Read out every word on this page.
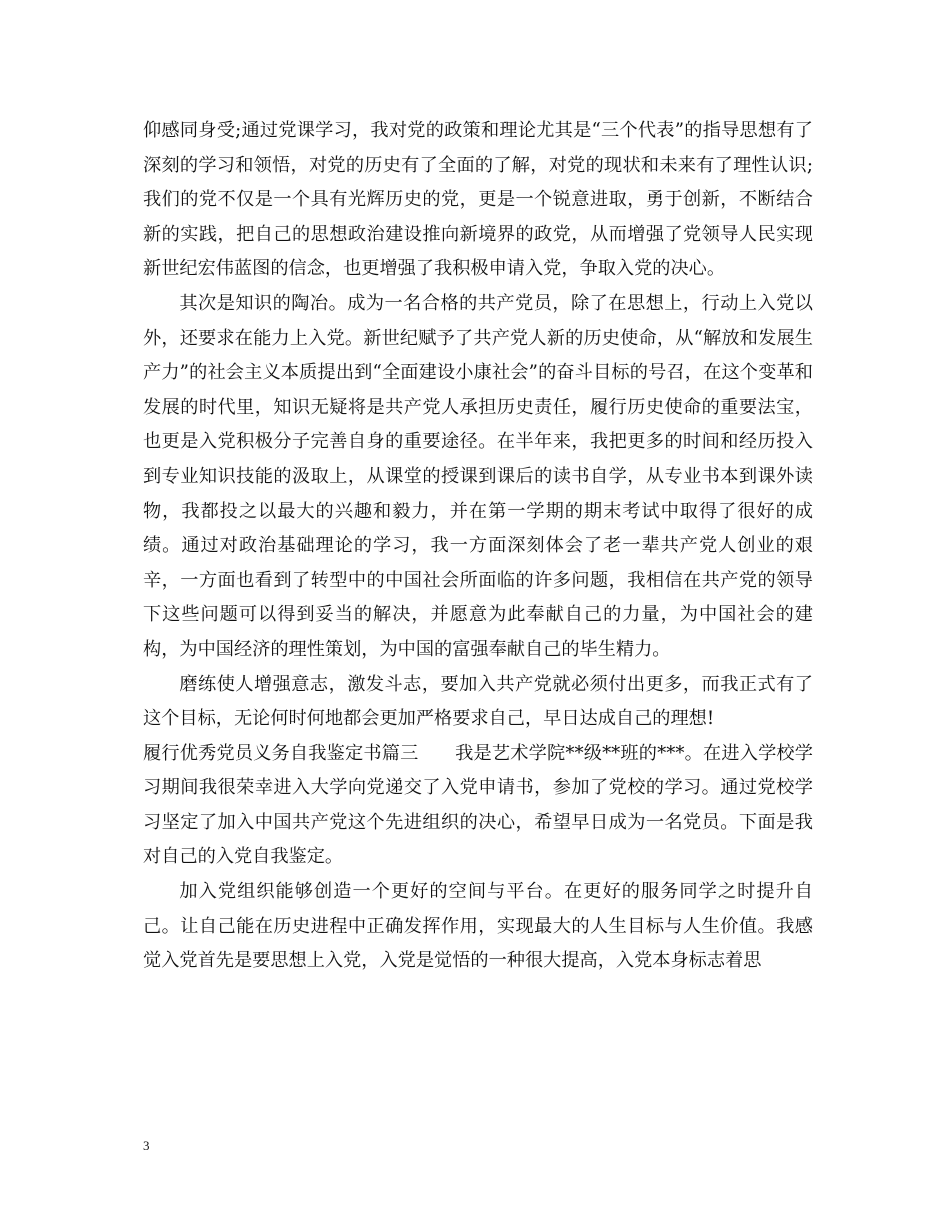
仰感同身受;通过党课学习，我对党的政策和理论尤其是“三个代表”的指导思想有了深刻的学习和领悟，对党的历史有了全面的了解，对党的现状和未来有了理性认识;我们的党不仅是一个具有光辉历史的党，更是一个锐意进取，勇于创新，不断结合新的实践，把自己的思想政治建设推向新境界的政党，从而增强了党领导人民实现新世纪宏伟蓝图的信念，也更增强了我积极申请入党，争取入党的决心。

其次是知识的陶冶。成为一名合格的共产党员，除了在思想上，行动上入党以外，还要求在能力上入党。新世纪赋予了共产党人新的历史使命，从“解放和发展生产力”的社会主义本质提出到“全面建设小康社会”的奋斗目标的号召，在这个变革和发展的时代里，知识无疑将是共产党人承担历史责任，履行历史使命的重要法宝，也更是入党积极分子完善自身的重要途径。在半年来，我把更多的时间和经历投入到专业知识技能的汲取上，从课堂的授课到课后的读书自学，从专业书本到课外读物，我都投之以最大的兴趣和毅力，并在第一学期的期末考试中取得了很好的成绩。通过对政治基础理论的学习，我一方面深刻体会了老一辈共产党人创业的艰辛，一方面也看到了转型中的中国社会所面临的许多问题，我相信在共产党的领导下这些问题可以得到妥当的解决，并愿意为此奉献自己的力量，为中国社会的建构，为中国经济的理性策划，为中国的富强奉献自己的毕生精力。

磨练使人增强意志，激发斗志，要加入共产党就必须付出更多，而我正式有了这个目标，无论何时何地都会更加严格要求自己，早日达成自己的理想!

履行优秀党员义务自我鉴定书篇三　　我是艺术学院**级**班的***。在进入学校学习期间我很荣幸进入大学向党递交了入党申请书，参加了党校的学习。通过党校学习坚定了加入中国共产党这个先进组织的决心，希望早日成为一名党员。下面是我对自己的入党自我鉴定。

加入党组织能够创造一个更好的空间与平台。在更好的服务同学之时提升自己。让自己能在历史进程中正确发挥作用，实现最大的人生目标与人生价值。我感觉入党首先是要思想上入党，入党是觉悟的一种很大提高，入党本身标志着思

3
